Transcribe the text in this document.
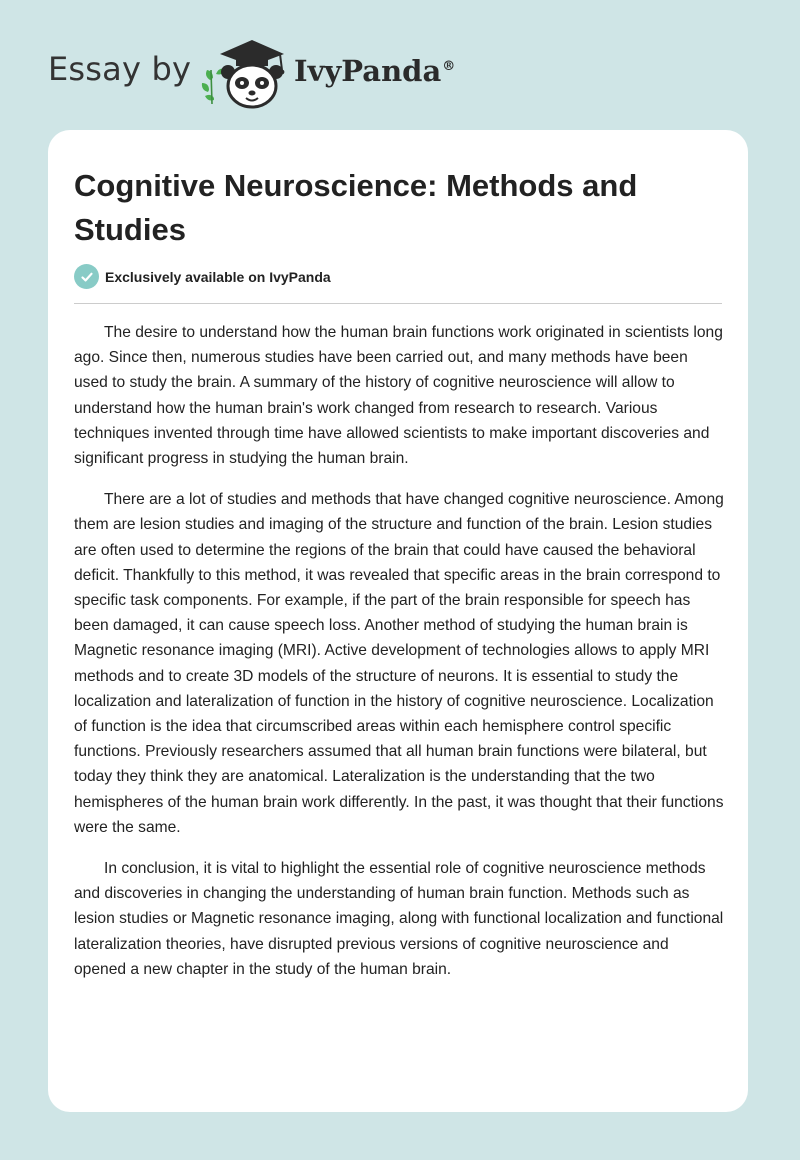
Essay by	IvyPanda®
Cognitive Neuroscience: Methods and Studies
Exclusively available on IvyPanda

The desire to understand how the human brain functions work originated in scientists long ago. Since then, numerous studies have been carried out, and many methods have been used to study the brain. A summary of the history of cognitive neuroscience will allow to understand how the human brain's work changed from research to research. Various techniques invented through time have allowed scientists to make important discoveries and significant progress in studying the human brain.

There are a lot of studies and methods that have changed cognitive neuroscience. Among them are lesion studies and imaging of the structure and function of the brain. Lesion studies are often used to determine the regions of the brain that could have caused the behavioral deficit. Thankfully to this method, it was revealed that specific areas in the brain correspond to specific task components. For example, if the part of the brain responsible for speech has been damaged, it can cause speech loss. Another method of studying the human brain is Magnetic resonance imaging (MRI). Active development of technologies allows to apply MRI methods and to create 3D models of the structure of neurons. It is essential to study the localization and lateralization of function in the history of cognitive neuroscience. Localization of function is the idea that circumscribed areas within each hemisphere control specific functions. Previously researchers assumed that all human brain functions were bilateral, but today they think they are anatomical. Lateralization is the understanding that the two hemispheres of the human brain work differently. In the past, it was thought that their functions were the same.

In conclusion, it is vital to highlight the essential role of cognitive neuroscience methods and discoveries in changing the understanding of human brain function. Methods such as lesion studies or Magnetic resonance imaging, along with functional localization and functional lateralization theories, have disrupted previous versions of cognitive neuroscience and opened a new chapter in the study of the human brain.
